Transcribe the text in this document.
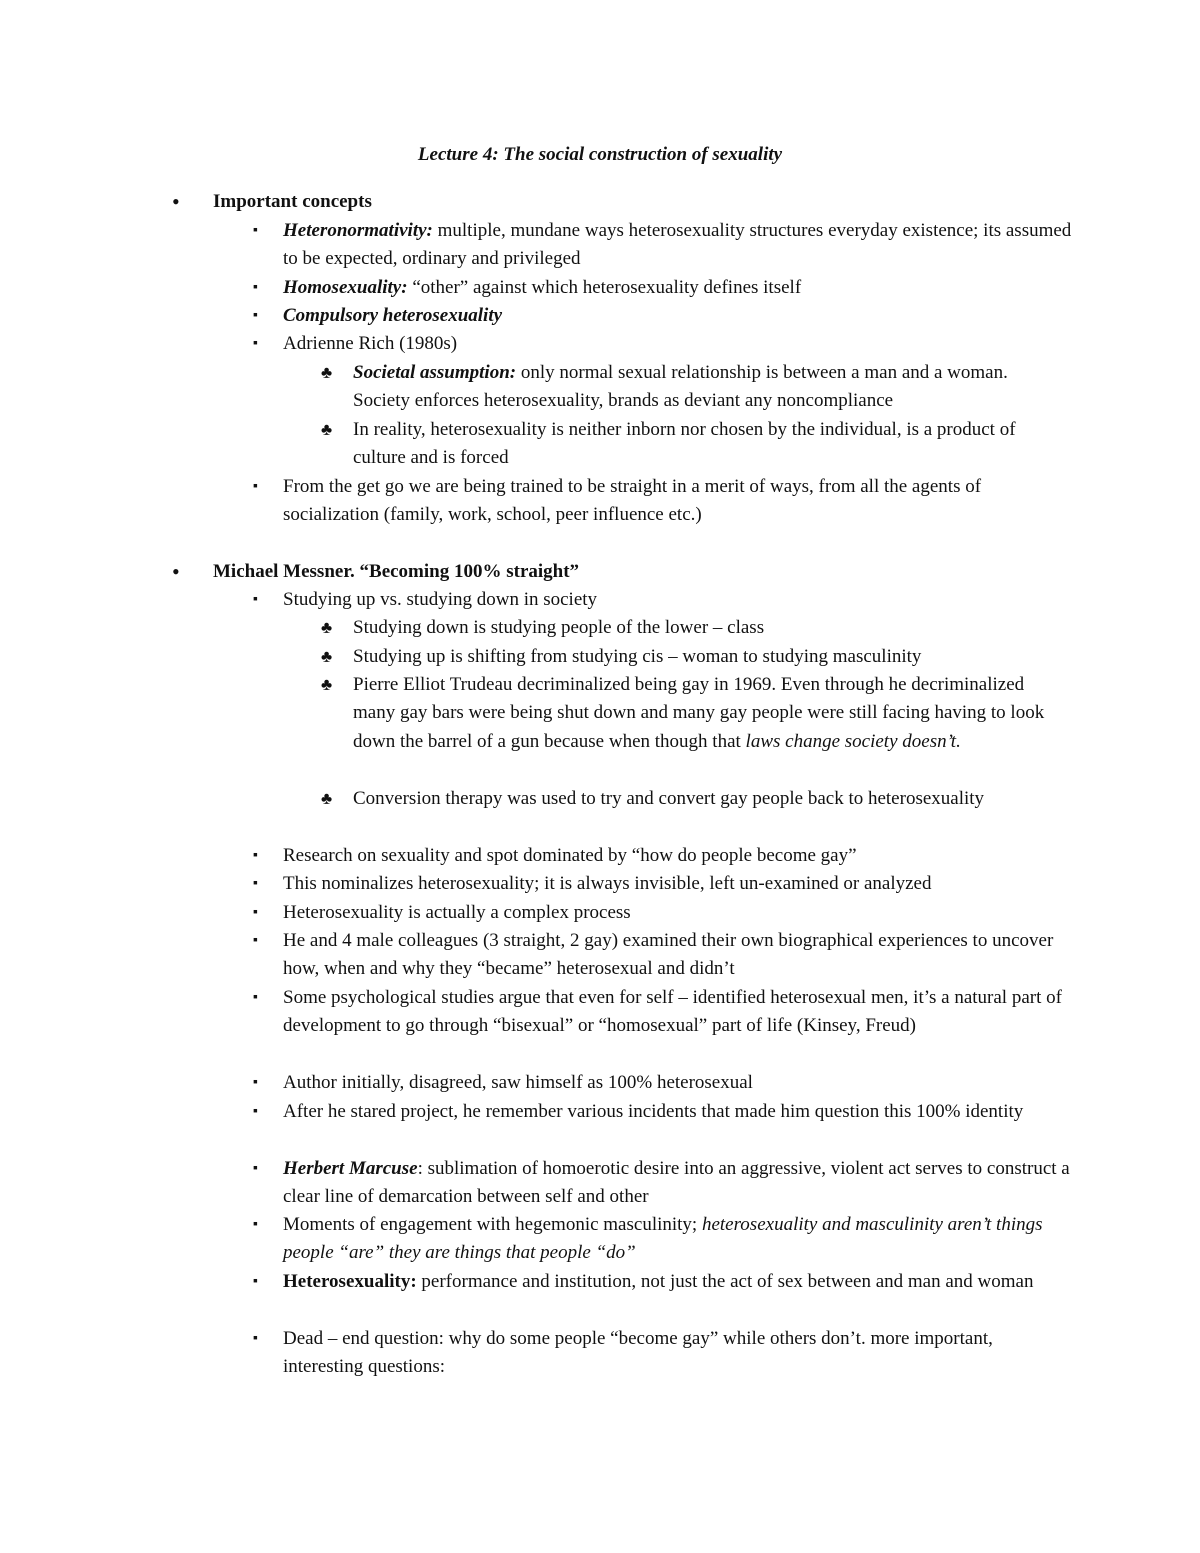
Lecture 4: The social construction of sexuality
• Important concepts
▪ Heteronormativity: multiple, mundane ways heterosexuality structures everyday existence; its assumed to be expected, ordinary and privileged
▪ Homosexuality: “other” against which heterosexuality defines itself
▪ Compulsory heterosexuality
▪ Adrienne Rich (1980s)
♣ Societal assumption: only normal sexual relationship is between a man and a woman. Society enforces heterosexuality, brands as deviant any noncompliance
♣ In reality, heterosexuality is neither inborn nor chosen by the individual, is a product of culture and is forced
▪ From the get go we are being trained to be straight in a merit of ways, from all the agents of socialization (family, work, school, peer influence etc.)
• Michael Messner. “Becoming 100% straight”
▪ Studying up vs. studying down in society
♣ Studying down is studying people of the lower – class
♣ Studying up is shifting from studying cis – woman to studying masculinity
♣ Pierre Elliot Trudeau decriminalized being gay in 1969. Even through he decriminalized many gay bars were being shut down and many gay people were still facing having to look down the barrel of a gun because when though that laws change society doesn’t.
♣ Conversion therapy was used to try and convert gay people back to heterosexuality
▪ Research on sexuality and spot dominated by “how do people become gay”
▪ This nominalizes heterosexuality; it is always invisible, left un-examined or analyzed
▪ Heterosexuality is actually a complex process
▪ He and 4 male colleagues (3 straight, 2 gay) examined their own biographical experiences to uncover how, when and why they “became” heterosexual and didn’t
▪ Some psychological studies argue that even for self – identified heterosexual men, it’s a natural part of development to go through “bisexual” or “homosexual” part of life (Kinsey, Freud)
▪ Author initially, disagreed, saw himself as 100% heterosexual
▪ After he stared project, he remember various incidents that made him question this 100% identity
▪ Herbert Marcuse: sublimation of homoerotic desire into an aggressive, violent act serves to construct a clear line of demarcation between self and other
▪ Moments of engagement with hegemonic masculinity; heterosexuality and masculinity aren’t things people “are” they are things that people “do”
▪ Heterosexuality: performance and institution, not just the act of sex between and man and woman
▪ Dead – end question: why do some people “become gay” while others don’t. more important, interesting questions:
